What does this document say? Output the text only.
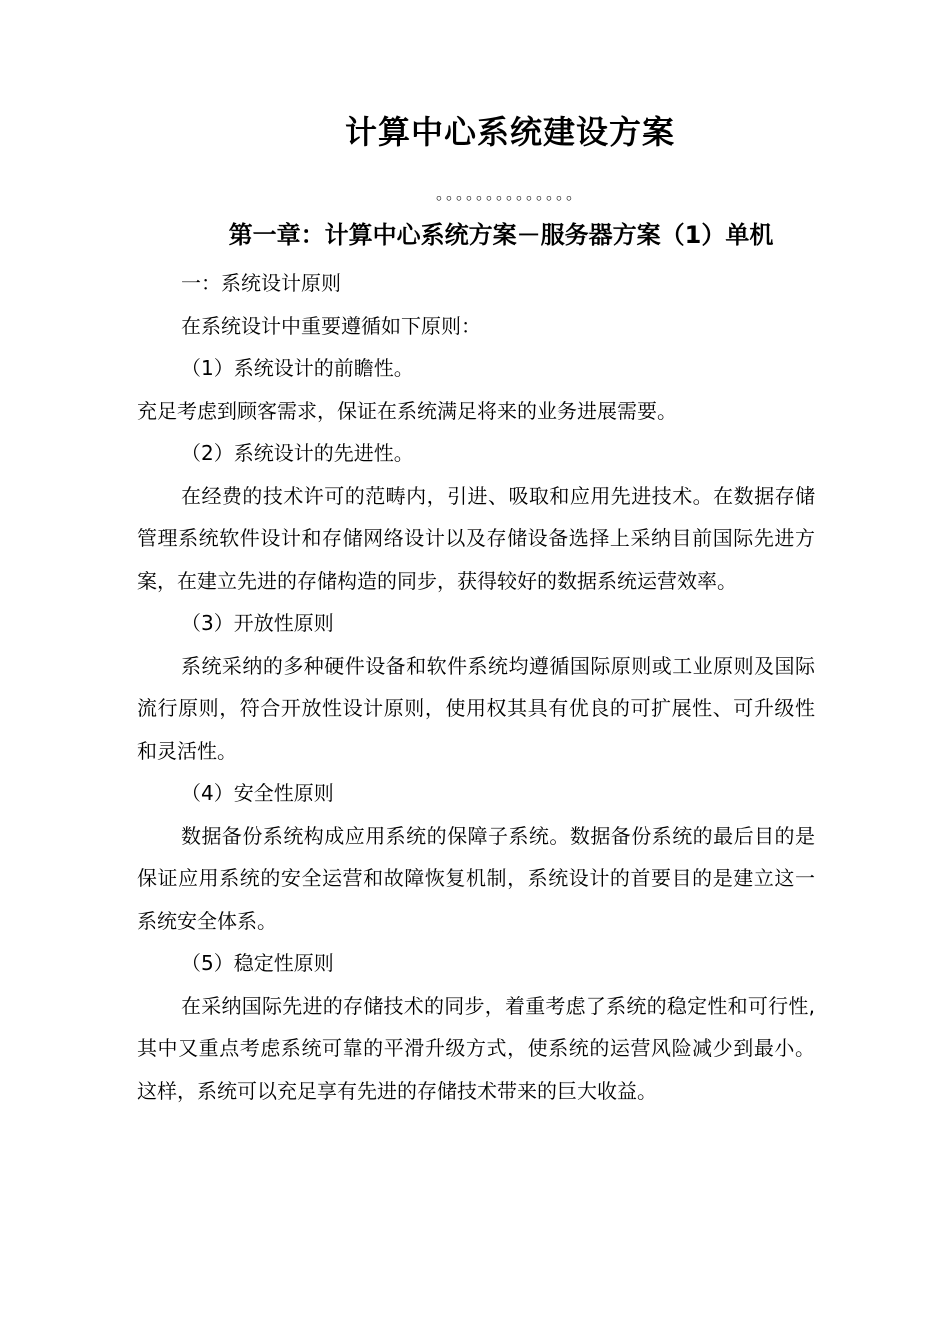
计算中心系统建设方案
。。。。。。。。。。。。。。
第一章：计算中心系统方案－服务器方案（1）单机

一：系统设计原则

在系统设计中重要遵循如下原则：

（1）系统设计的前瞻性。

充足考虑到顾客需求，保证在系统满足将来的业务进展需要。

（2）系统设计的先进性。

在经费的技术许可的范畴内，引进、吸取和应用先进技术。在数据存储管理系统软件设计和存储网络设计以及存储设备选择上采纳目前国际先进方案，在建立先进的存储构造的同步，获得较好的数据系统运营效率。

（3）开放性原则

系统采纳的多种硬件设备和软件系统均遵循国际原则或工业原则及国际流行原则，符合开放性设计原则，使用权其具有优良的可扩展性、可升级性和灵活性。

（4）安全性原则

数据备份系统构成应用系统的保障子系统。数据备份系统的最后目的是保证应用系统的安全运营和故障恢复机制，系统设计的首要目的是建立这一系统安全体系。

（5）稳定性原则

在采纳国际先进的存储技术的同步，着重考虑了系统的稳定性和可行性,其中又重点考虑系统可靠的平滑升级方式，使系统的运营风险减少到最小。这样，系统可以充足享有先进的存储技术带来的巨大收益。
